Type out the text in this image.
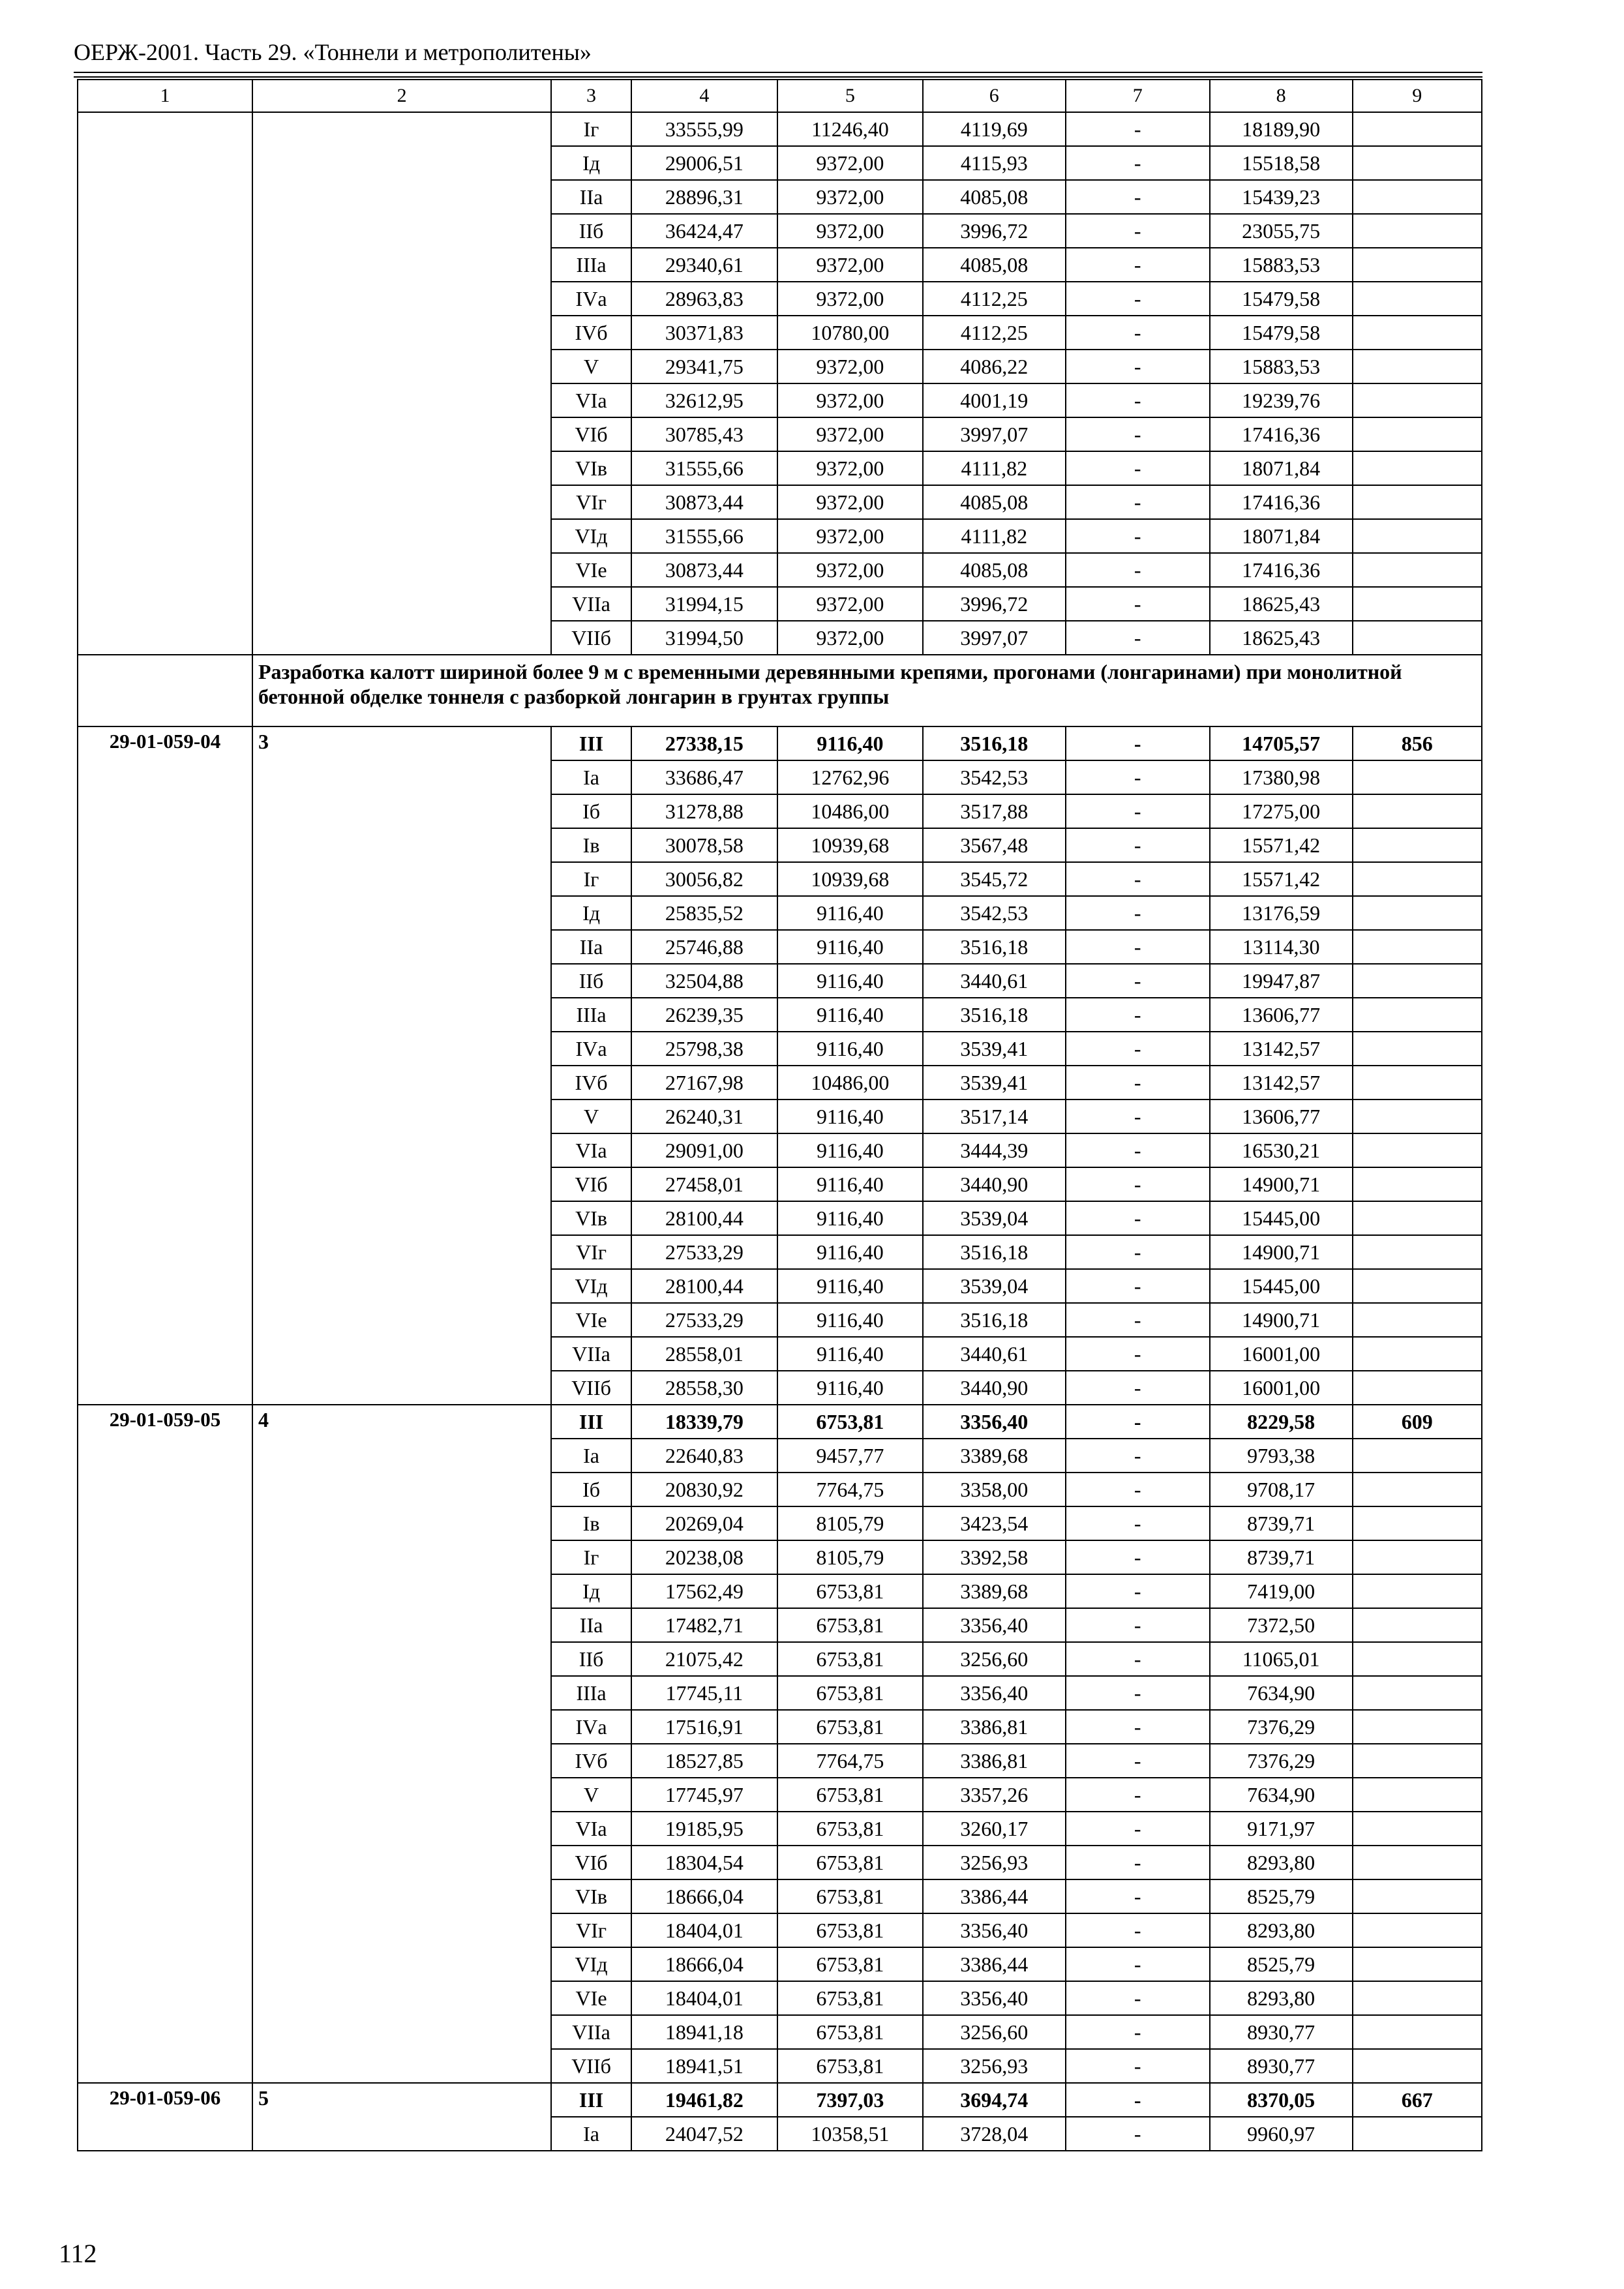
ОЕРЖ-2001. Часть 29. «Тоннели и метрополитены»
1	2	3	4	5	6	7	8	9
		Iг	33555,99	11246,40	4119,69	-	18189,90	
		Iд	29006,51	9372,00	4115,93	-	15518,58	
		IIа	28896,31	9372,00	4085,08	-	15439,23	
		IIб	36424,47	9372,00	3996,72	-	23055,75	
		IIIа	29340,61	9372,00	4085,08	-	15883,53	
		IVа	28963,83	9372,00	4112,25	-	15479,58	
		IVб	30371,83	10780,00	4112,25	-	15479,58	
		V	29341,75	9372,00	4086,22	-	15883,53	
		VIа	32612,95	9372,00	4001,19	-	19239,76	
		VIб	30785,43	9372,00	3997,07	-	17416,36	
		VIв	31555,66	9372,00	4111,82	-	18071,84	
		VIг	30873,44	9372,00	4085,08	-	17416,36	
		VIд	31555,66	9372,00	4111,82	-	18071,84	
		VIе	30873,44	9372,00	4085,08	-	17416,36	
		VIIа	31994,15	9372,00	3996,72	-	18625,43	
		VIIб	31994,50	9372,00	3997,07	-	18625,43	
	Разработка калотт шириной более 9 м с временными деревянными крепями, прогонами (лонгаринами) при монолитной бетонной обделке тоннеля с разборкой лонгарин в грунтах группы							
29-01-059-04	3	III	27338,15	9116,40	3516,18	-	14705,57	856
		Iа	33686,47	12762,96	3542,53	-	17380,98	
		Iб	31278,88	10486,00	3517,88	-	17275,00	
		Iв	30078,58	10939,68	3567,48	-	15571,42	
		Iг	30056,82	10939,68	3545,72	-	15571,42	
		Iд	25835,52	9116,40	3542,53	-	13176,59	
		IIа	25746,88	9116,40	3516,18	-	13114,30	
		IIб	32504,88	9116,40	3440,61	-	19947,87	
		IIIа	26239,35	9116,40	3516,18	-	13606,77	
		IVа	25798,38	9116,40	3539,41	-	13142,57	
		IVб	27167,98	10486,00	3539,41	-	13142,57	
		V	26240,31	9116,40	3517,14	-	13606,77	
		VIа	29091,00	9116,40	3444,39	-	16530,21	
		VIб	27458,01	9116,40	3440,90	-	14900,71	
		VIв	28100,44	9116,40	3539,04	-	15445,00	
		VIг	27533,29	9116,40	3516,18	-	14900,71	
		VIд	28100,44	9116,40	3539,04	-	15445,00	
		VIе	27533,29	9116,40	3516,18	-	14900,71	
		VIIа	28558,01	9116,40	3440,61	-	16001,00	
		VIIб	28558,30	9116,40	3440,90	-	16001,00	
29-01-059-05	4	III	18339,79	6753,81	3356,40	-	8229,58	609
		Iа	22640,83	9457,77	3389,68	-	9793,38	
		Iб	20830,92	7764,75	3358,00	-	9708,17	
		Iв	20269,04	8105,79	3423,54	-	8739,71	
		Iг	20238,08	8105,79	3392,58	-	8739,71	
		Iд	17562,49	6753,81	3389,68	-	7419,00	
		IIа	17482,71	6753,81	3356,40	-	7372,50	
		IIб	21075,42	6753,81	3256,60	-	11065,01	
		IIIа	17745,11	6753,81	3356,40	-	7634,90	
		IVа	17516,91	6753,81	3386,81	-	7376,29	
		IVб	18527,85	7764,75	3386,81	-	7376,29	
		V	17745,97	6753,81	3357,26	-	7634,90	
		VIа	19185,95	6753,81	3260,17	-	9171,97	
		VIб	18304,54	6753,81	3256,93	-	8293,80	
		VIв	18666,04	6753,81	3386,44	-	8525,79	
		VIг	18404,01	6753,81	3356,40	-	8293,80	
		VIд	18666,04	6753,81	3386,44	-	8525,79	
		VIе	18404,01	6753,81	3356,40	-	8293,80	
		VIIа	18941,18	6753,81	3256,60	-	8930,77	
		VIIб	18941,51	6753,81	3256,93	-	8930,77	
29-01-059-06	5	III	19461,82	7397,03	3694,74	-	8370,05	667
		Iа	24047,52	10358,51	3728,04	-	9960,97	
112
